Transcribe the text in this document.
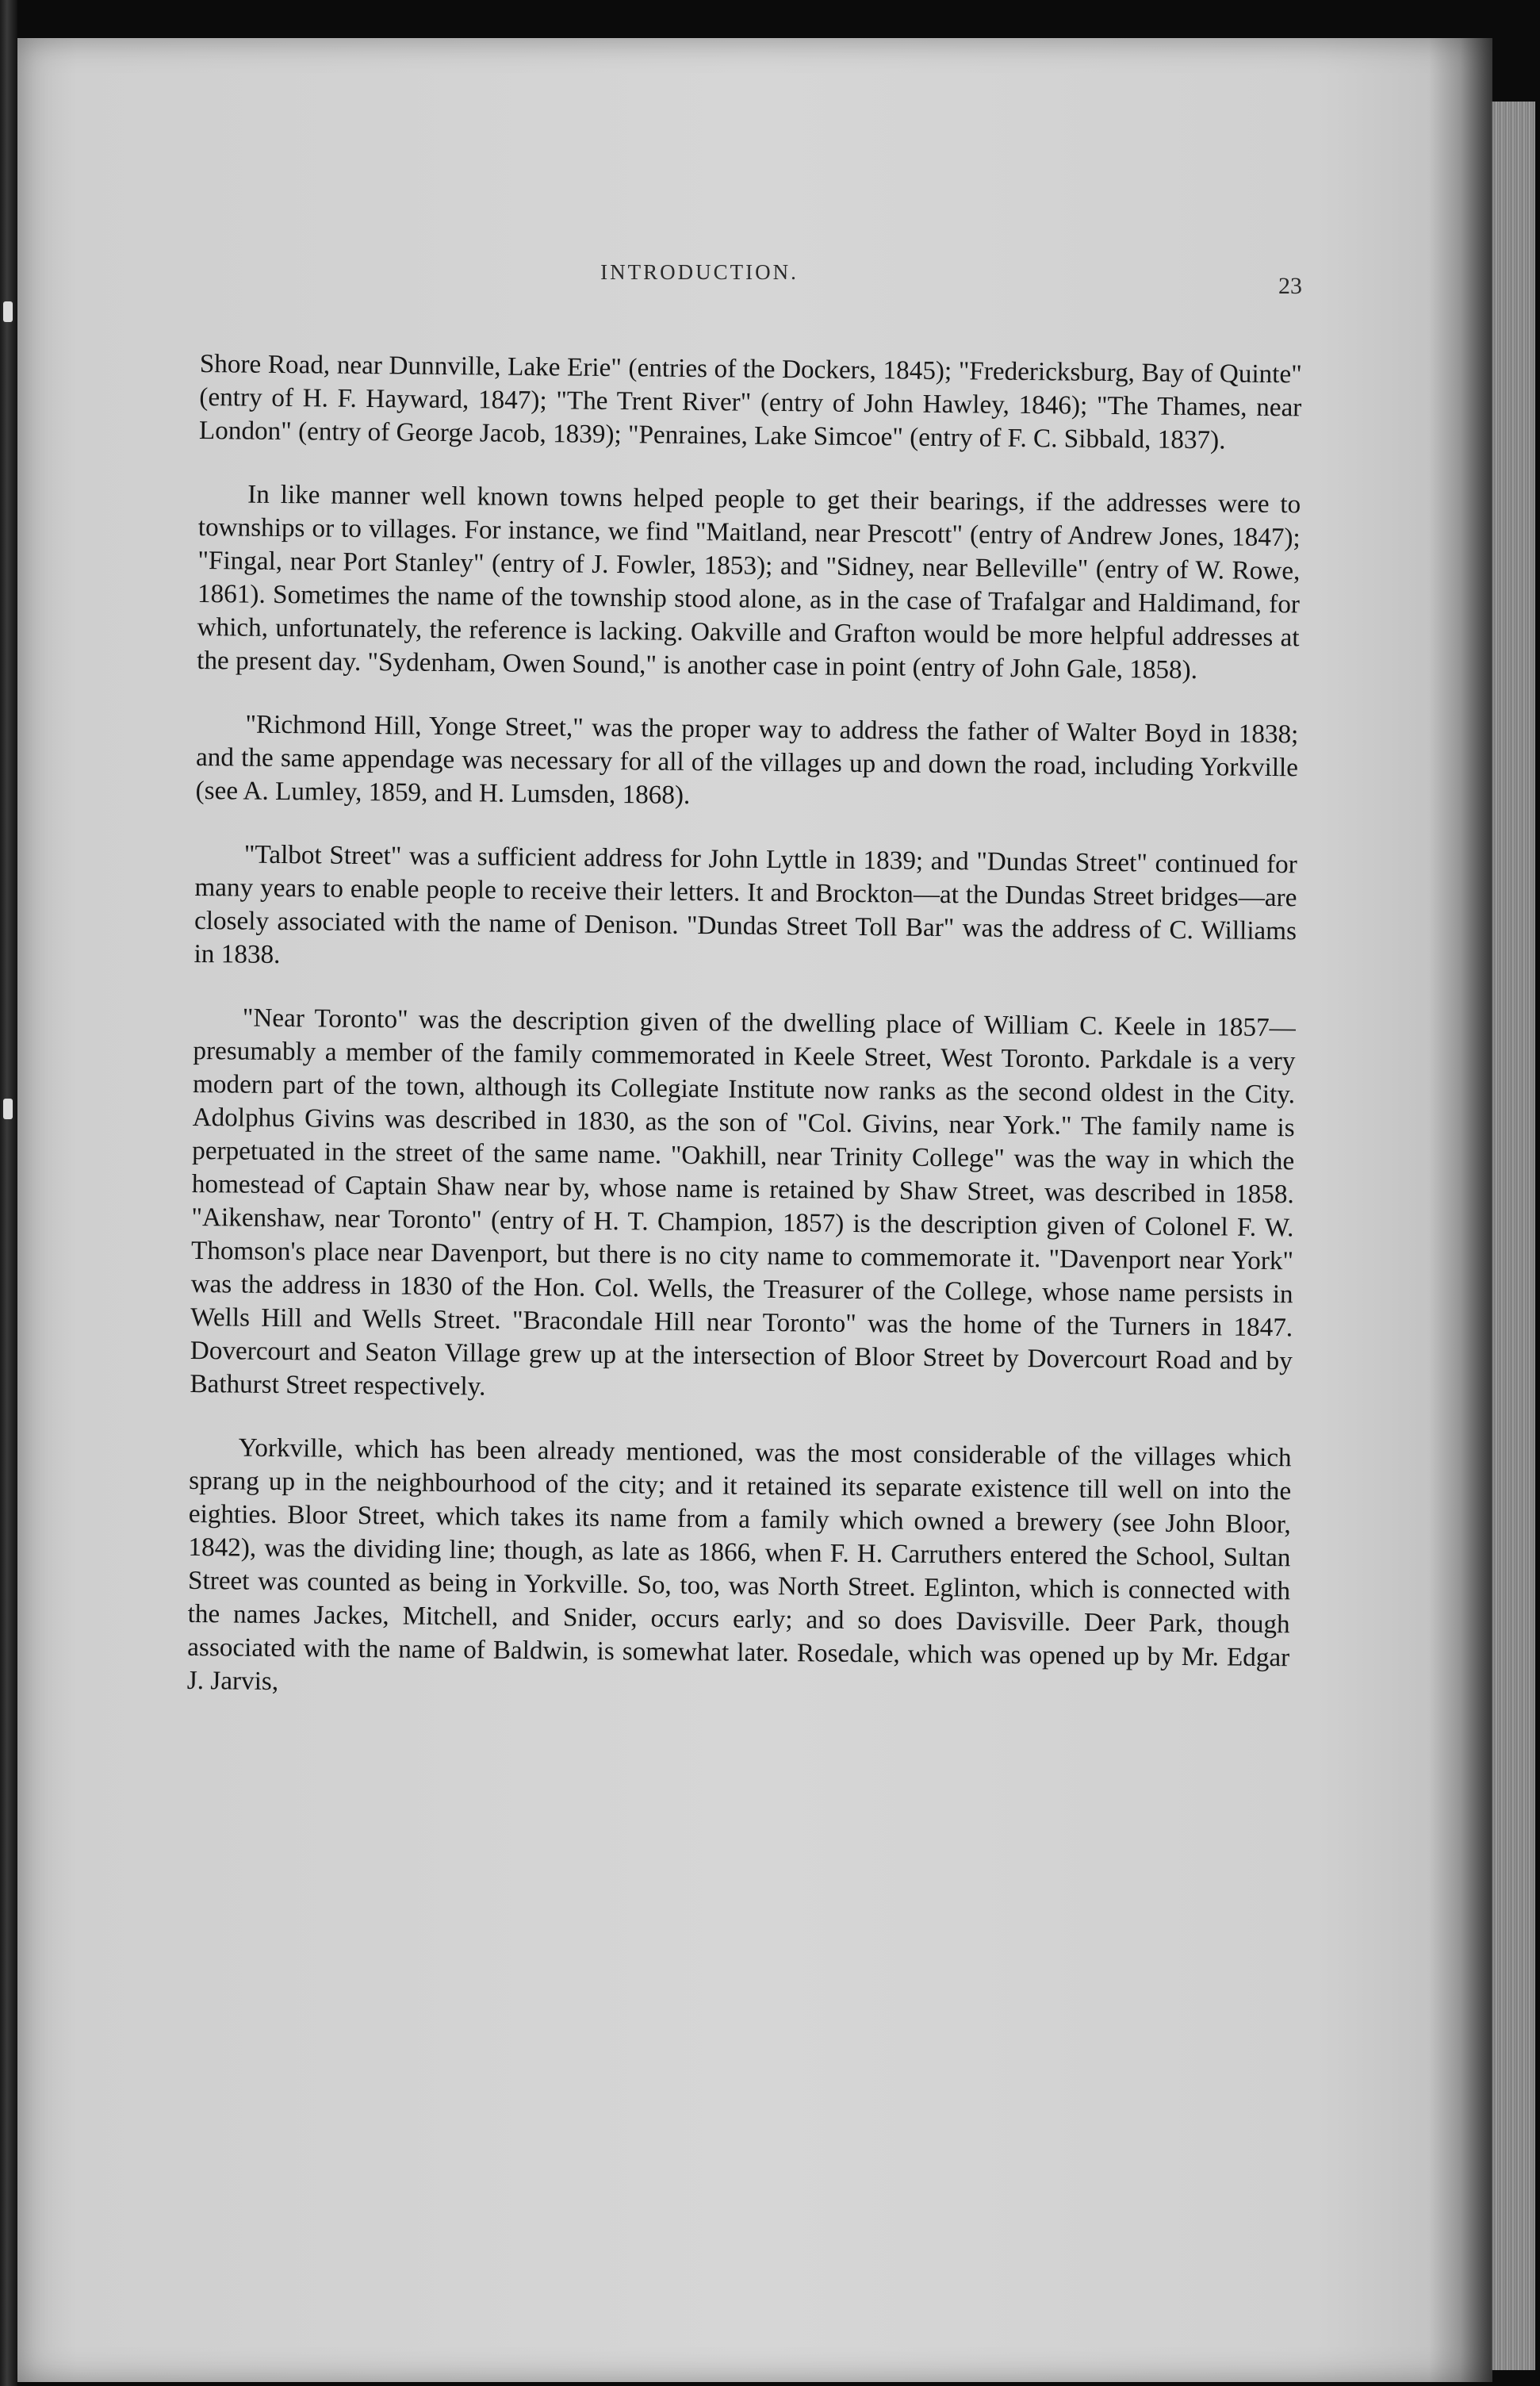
INTRODUCTION.
23

Shore Road, near Dunnville, Lake Erie" (entries of the Dockers, 1845); "Fredericksburg, Bay of Quinte" (entry of H. F. Hayward, 1847); "The Trent River" (entry of John Hawley, 1846); "The Thames, near London" (entry of George Jacob, 1839); "Penraines, Lake Simcoe" (entry of F. C. Sibbald, 1837).

In like manner well known towns helped people to get their bearings, if the addresses were to townships or to villages. For instance, we find "Maitland, near Prescott" (entry of Andrew Jones, 1847); "Fingal, near Port Stanley" (entry of J. Fowler, 1853); and "Sidney, near Belleville" (entry of W. Rowe, 1861). Sometimes the name of the township stood alone, as in the case of Trafalgar and Haldimand, for which, unfortunately, the reference is lacking. Oakville and Grafton would be more helpful addresses at the present day. "Sydenham, Owen Sound," is another case in point (entry of John Gale, 1858).

"Richmond Hill, Yonge Street," was the proper way to address the father of Walter Boyd in 1838; and the same appendage was necessary for all of the villages up and down the road, including Yorkville (see A. Lumley, 1859, and H. Lumsden, 1868).

"Talbot Street" was a sufficient address for John Lyttle in 1839; and "Dundas Street" continued for many years to enable people to receive their letters. It and Brockton—at the Dundas Street bridges—are closely associated with the name of Denison. "Dundas Street Toll Bar" was the address of C. Williams in 1838.

"Near Toronto" was the description given of the dwelling place of William C. Keele in 1857—presumably a member of the family commemorated in Keele Street, West Toronto. Parkdale is a very modern part of the town, although its Collegiate Institute now ranks as the second oldest in the City. Adolphus Givins was described in 1830, as the son of "Col. Givins, near York." The family name is perpetuated in the street of the same name. "Oakhill, near Trinity College" was the way in which the homestead of Captain Shaw near by, whose name is retained by Shaw Street, was described in 1858. "Aikenshaw, near Toronto" (entry of H. T. Champion, 1857) is the description given of Colonel F. W. Thomson's place near Davenport, but there is no city name to commemorate it. "Davenport near York" was the address in 1830 of the Hon. Col. Wells, the Treasurer of the College, whose name persists in Wells Hill and Wells Street. "Bracondale Hill near Toronto" was the home of the Turners in 1847. Dovercourt and Seaton Village grew up at the intersection of Bloor Street by Dovercourt Road and by Bathurst Street respectively.

Yorkville, which has been already mentioned, was the most considerable of the villages which sprang up in the neighbourhood of the city; and it retained its separate existence till well on into the eighties. Bloor Street, which takes its name from a family which owned a brewery (see John Bloor, 1842), was the dividing line; though, as late as 1866, when F. H. Carruthers entered the School, Sultan Street was counted as being in Yorkville. So, too, was North Street. Eglinton, which is connected with the names Jackes, Mitchell, and Snider, occurs early; and so does Davisville. Deer Park, though associated with the name of Baldwin, is somewhat later. Rosedale, which was opened up by Mr. Edgar J. Jarvis,
